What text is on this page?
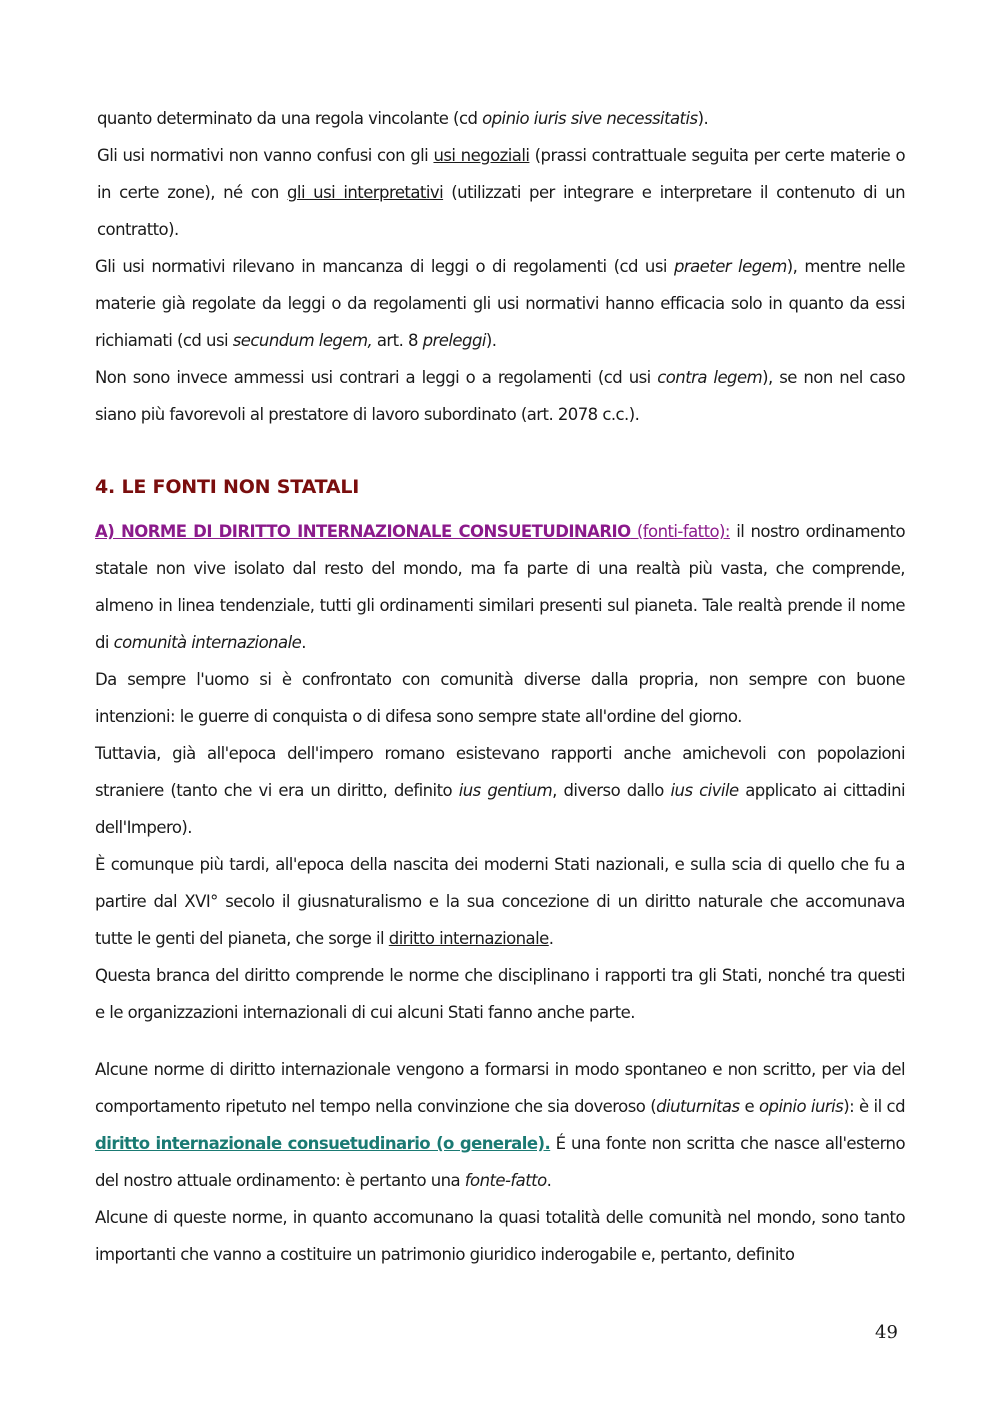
quanto determinato da una regola vincolante (cd opinio iuris sive necessitatis).

Gli usi normativi non vanno confusi con gli usi negoziali (prassi contrattuale seguita per certe materie o in certe zone), né con gli usi interpretativi (utilizzati per integrare e interpretare il contenuto di un contratto).

Gli usi normativi rilevano in mancanza di leggi o di regolamenti (cd usi praeter legem), mentre nelle materie già regolate da leggi o da regolamenti gli usi normativi hanno efficacia solo in quanto da essi richiamati (cd usi secundum legem, art. 8 preleggi).

Non sono invece ammessi usi contrari a leggi o a regolamenti (cd usi contra legem), se non nel caso siano più favorevoli al prestatore di lavoro subordinato (art. 2078 c.c.).

4. LE FONTI NON STATALI

A) NORME DI DIRITTO INTERNAZIONALE CONSUETUDINARIO (fonti-fatto): il nostro ordinamento statale non vive isolato dal resto del mondo, ma fa parte di una realtà più vasta, che comprende, almeno in linea tendenziale, tutti gli ordinamenti similari presenti sul pianeta. Tale realtà prende il nome di comunità internazionale.

Da sempre l'uomo si è confrontato con comunità diverse dalla propria, non sempre con buone intenzioni: le guerre di conquista o di difesa sono sempre state all'ordine del giorno.

Tuttavia, già all'epoca dell'impero romano esistevano rapporti anche amichevoli con popolazioni straniere (tanto che vi era un diritto, definito ius gentium, diverso dallo ius civile applicato ai cittadini dell'Impero).

È comunque più tardi, all'epoca della nascita dei moderni Stati nazionali, e sulla scia di quello che fu a partire dal XVI° secolo il giusnaturalismo e la sua concezione di un diritto naturale che accomunava tutte le genti del pianeta, che sorge il diritto internazionale.

Questa branca del diritto comprende le norme che disciplinano i rapporti tra gli Stati, nonché tra questi e le organizzazioni internazionali di cui alcuni Stati fanno anche parte.

Alcune norme di diritto internazionale vengono a formarsi in modo spontaneo e non scritto, per via del comportamento ripetuto nel tempo nella convinzione che sia doveroso (diuturnitas e opinio iuris): è il cd diritto internazionale consuetudinario (o generale). É una fonte non scritta che nasce all'esterno del nostro attuale ordinamento: è pertanto una fonte-fatto.

Alcune di queste norme, in quanto accomunano la quasi totalità delle comunità nel mondo, sono tanto importanti che vanno a costituire un patrimonio giuridico inderogabile e, pertanto, definito

49
